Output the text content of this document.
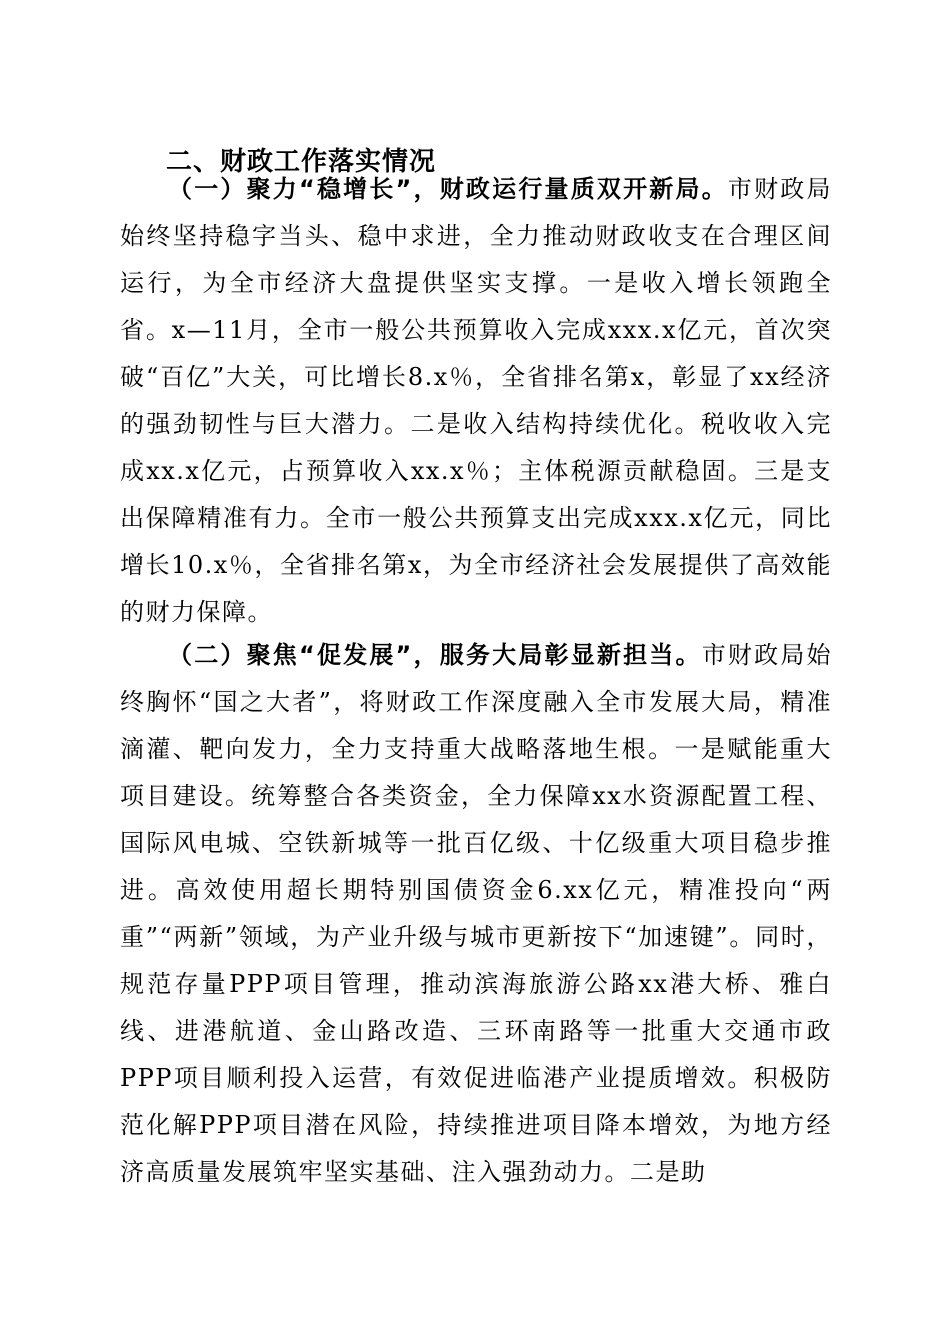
二、财政工作落实情况

（一）聚力“稳增长”，财政运行量质双开新局。市财政局始终坚持稳字当头、稳中求进，全力推动财政收支在合理区间运行，为全市经济大盘提供坚实支撑。一是收入增长领跑全省。x—11月，全市一般公共预算收入完成xxx.x亿元，首次突破“百亿”大关，可比增长8.x％，全省排名第x，彰显了xx经济的强劲韧性与巨大潜力。二是收入结构持续优化。税收收入完成xx.x亿元，占预算收入xx.x％；主体税源贡献稳固。三是支出保障精准有力。全市一般公共预算支出完成xxx.x亿元，同比增长10.x％，全省排名第x，为全市经济社会发展提供了高效能的财力保障。

（二）聚焦“促发展”，服务大局彰显新担当。市财政局始终胸怀“国之大者”，将财政工作深度融入全市发展大局，精准滴灌、靶向发力，全力支持重大战略落地生根。一是赋能重大项目建设。统筹整合各类资金，全力保障xx水资源配置工程、国际风电城、空铁新城等一批百亿级、十亿级重大项目稳步推进。高效使用超长期特别国债资金6.xx亿元，精准投向“两重”“两新”领域，为产业升级与城市更新按下“加速键”。同时，规范存量PPP项目管理，推动滨海旅游公路xx港大桥、雅白线、进港航道、金山路改造、三环南路等一批重大交通市政PPP项目顺利投入运营，有效促进临港产业提质增效。积极防范化解PPP项目潜在风险，持续推进项目降本增效，为地方经济高质量发展筑牢坚实基础、注入强劲动力。二是助
